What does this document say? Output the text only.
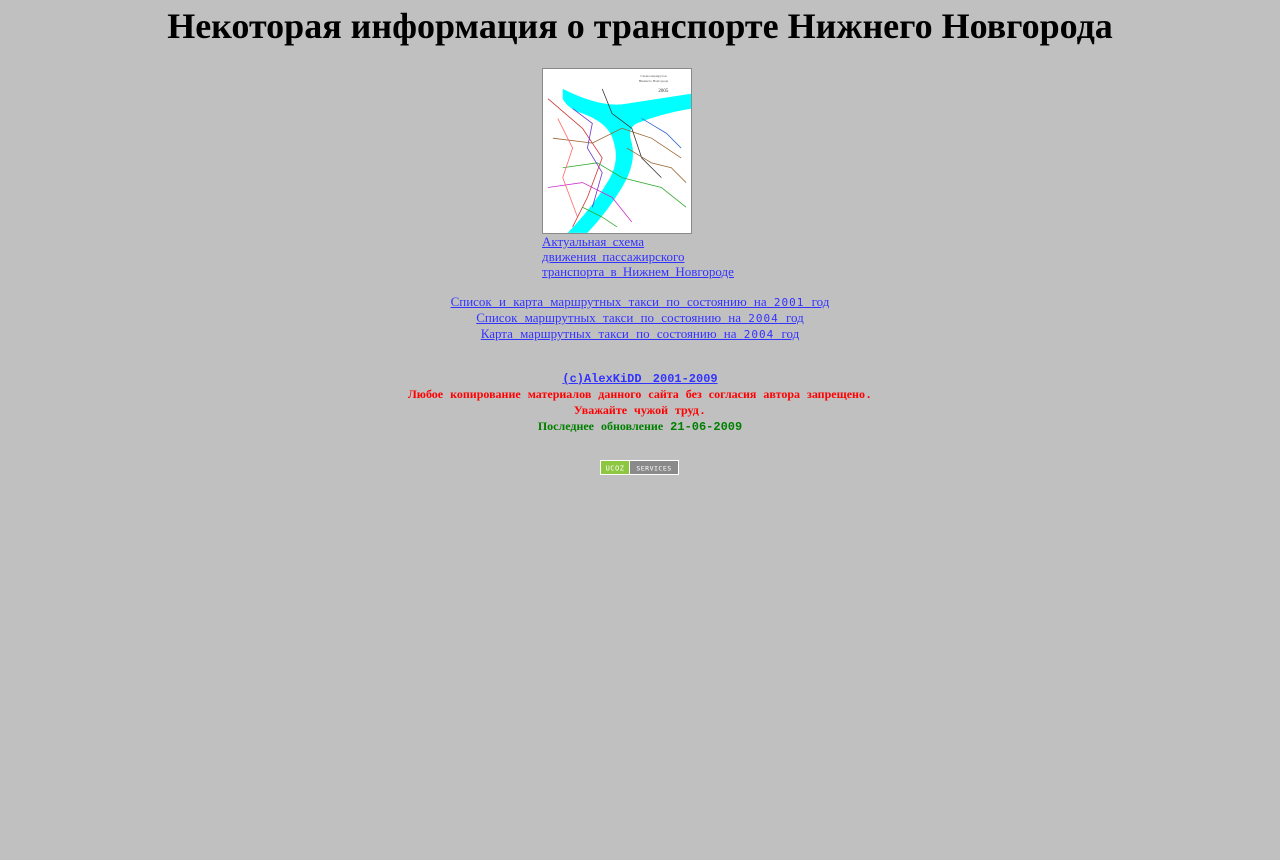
Некоторая информация о транспорте Нижнего Новгорода
Схема маршрутов
Нижнего Новгорода
2005
Актуальная схема
движения пассажирского
транспорта в Нижнем Новгороде
Список и карта маршрутных такси по состоянию на 2001 год
Список маршрутных такси по состоянию на 2004 год
Карта маршрутных такси по состоянию на 2004 год
(c)AlexKiDD 2001-2009
Любое копирование материалов данного сайта без согласия автора запрещено.
Уважайте чужой труд.
Последнее обновление 21-06-2009
UCOZ SERVICES
